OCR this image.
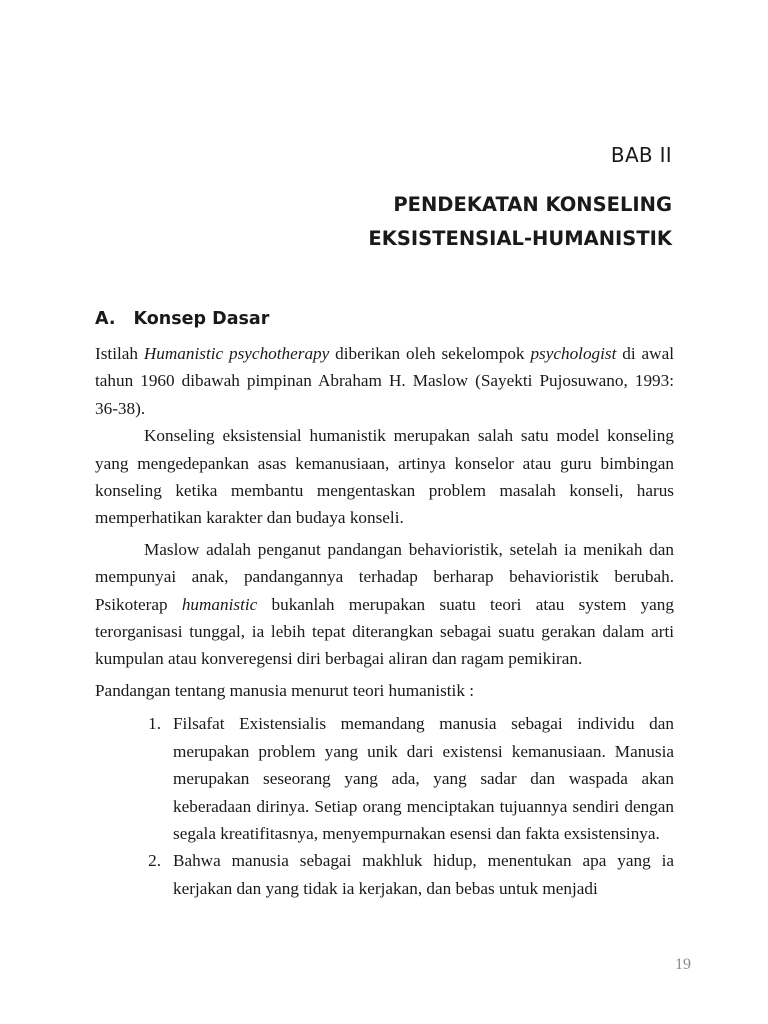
BAB II
PENDEKATAN KONSELING
EKSISTENSIAL-HUMANISTIK
A. Konsep Dasar

Istilah Humanistic psychotherapy diberikan oleh sekelompok psychologist di awal tahun 1960 dibawah pimpinan Abraham H. Maslow (Sayekti Pujosuwano, 1993: 36-38).

Konseling eksistensial humanistik merupakan salah satu model konseling yang mengedepankan asas kemanusiaan, artinya konselor atau guru bimbingan konseling ketika membantu mengentaskan problem masalah konseli, harus memperhatikan karakter dan budaya konseli.

Maslow adalah penganut pandangan behavioristik, setelah ia menikah dan mempunyai anak, pandangannya terhadap berharap behavioristik berubah. Psikoterap humanistic bukanlah merupakan suatu teori atau system yang terorganisasi tunggal, ia lebih tepat diterangkan sebagai suatu gerakan dalam arti kumpulan atau konveregensi diri berbagai aliran dan ragam pemikiran.

Pandangan tentang manusia menurut teori humanistik :

1. Filsafat Existensialis memandang manusia sebagai individu dan merupakan problem yang unik dari existensi kemanusiaan. Manusia merupakan seseorang yang ada, yang sadar dan waspada akan keberadaan dirinya. Setiap orang menciptakan tujuannya sendiri dengan segala kreatifitasnya, menyempurnakan esensi dan fakta exsistensinya.
2. Bahwa manusia sebagai makhluk hidup, menentukan apa yang ia kerjakan dan yang tidak ia kerjakan, dan bebas untuk menjadi

19
